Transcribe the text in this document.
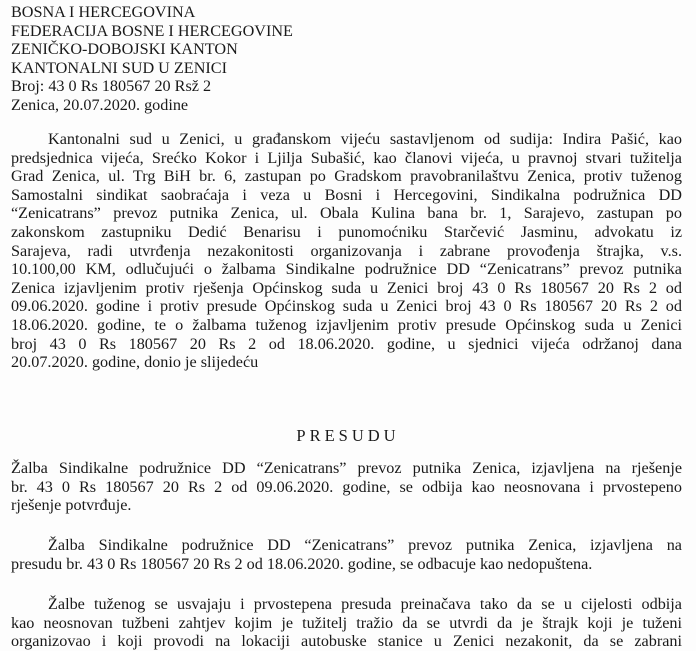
BOSNA I HERCEGOVINA
FEDERACIJA BOSNE I HERCEGOVINE
ZENIČKO-DOBOJSKI KANTON
KANTONALNI SUD U ZENICI
Broj: 43 0 Rs 180567 20 Rsž 2
Zenica, 20.07.2020. godine
Kantonalni sud u Zenici, u građanskom vijeću sastavljenom od sudija: Indira Pašić, kao
predsjednica vijeća, Srećko Kokor i Ljilja Subašić, kao članovi vijeća, u pravnoj stvari tužitelja
Grad Zenica, ul. Trg BiH br. 6, zastupan po Gradskom pravobranilaštvu Zenica, protiv tuženog
Samostalni sindikat saobraćaja i veza u Bosni i Hercegovini, Sindikalna podružnica DD
“Zenicatrans” prevoz putnika Zenica, ul. Obala Kulina bana br. 1, Sarajevo, zastupan po
zakonskom zastupniku Dedić Benarisu i punomoćniku Starčević Jasminu, advokatu iz
Sarajeva, radi utvrđenja nezakonitosti organizovanja i zabrane provođenja štrajka, v.s.
10.100,00 KM, odlučujući o žalbama Sindikalne podružnice DD “Zenicatrans” prevoz putnika
Zenica izjavljenim protiv rješenja Općinskog suda u Zenici broj 43 0 Rs 180567 20 Rs 2 od
09.06.2020. godine i protiv presude Općinskog suda u Zenici broj 43 0 Rs 180567 20 Rs 2 od
18.06.2020. godine, te o žalbama tuženog izjavljenim protiv presude Općinskog suda u Zenici
broj 43 0 Rs 180567 20 Rs 2 od 18.06.2020. godine, u sjednici vijeća održanoj dana
20.07.2020. godine, donio je slijedeću
PRESUDU
Žalba Sindikalne podružnice DD “Zenicatrans” prevoz putnika Zenica, izjavljena na rješenje
br. 43 0 Rs 180567 20 Rs 2 od 09.06.2020. godine, se odbija kao neosnovana i prvostepeno
rješenje potvrđuje.
Žalba Sindikalne podružnice DD “Zenicatrans” prevoz putnika Zenica, izjavljena na
presudu br. 43 0 Rs 180567 20 Rs 2 od 18.06.2020. godine, se odbacuje kao nedopuštena.
Žalbe tuženog se usvajaju i prvostepena presuda preinačava tako da se u cijelosti odbija
kao neosnovan tužbeni zahtjev kojim je tužitelj tražio da se utvrdi da je štrajk koji je tuženi
organizovao i koji provodi na lokaciji autobuske stanice u Zenici nezakonit, da se zabrani
